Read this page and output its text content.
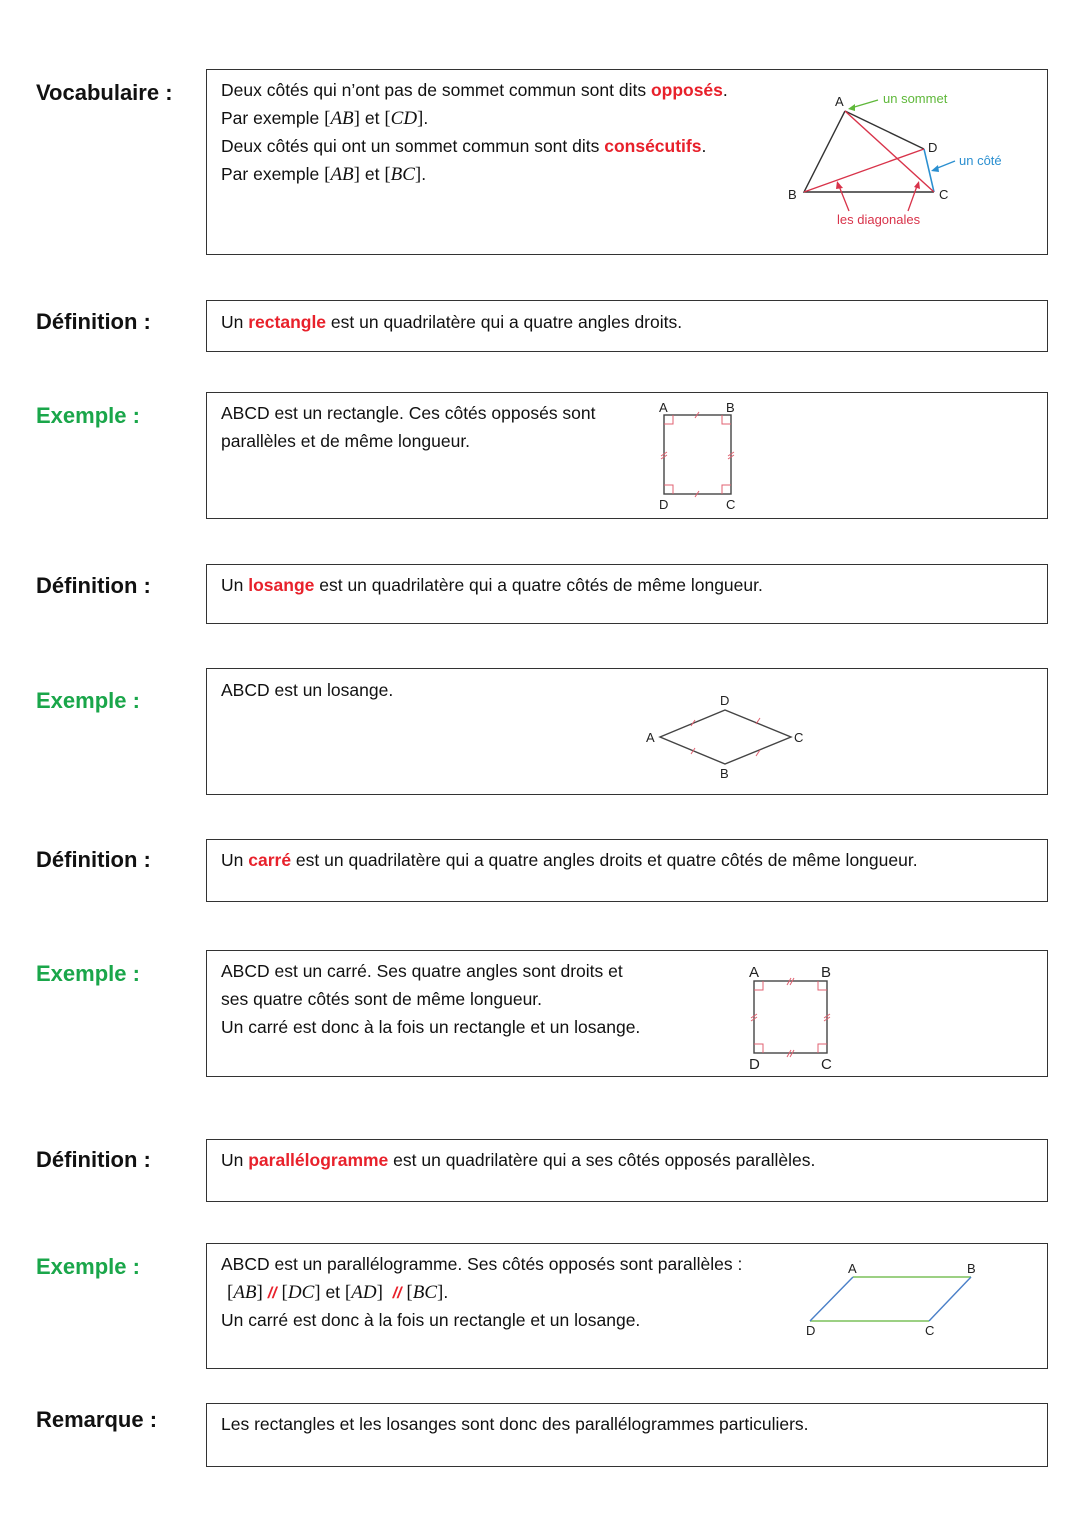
Vocabulaire :	Deux côtés qui n’ont pas de sommet commun sont dits opposés.
Par exemple [AB] et [CD].
Deux côtés qui ont un sommet commun sont dits consécutifs.
Par exemple [AB] et [BC].
A
B	C
D
un sommet
un côté
les diagonales
Définition :	Un rectangle est un quadrilatère qui a quatre angles droits.
Exemple :	ABCD est un rectangle. Ces côtés opposés sont
parallèles et de même longueur.
A	B
C
D
Définition :	Un losange est un quadrilatère qui a quatre côtés de même longueur.
Exemple :	ABCD est un losange.
A
B
C
D
Définition :	Un carré est un quadrilatère qui a quatre angles droits et quatre côtés de même longueur.
Exemple :	ABCD est un carré. Ses quatre angles sont droits et
ses quatre côtés sont de même longueur.
Un carré est donc à la fois un rectangle et un losange.
A	B
C
D
Définition :	Un parallélogramme est un quadrilatère qui a ses côtés opposés parallèles.
Exemple :	ABCD est un parallélogramme. Ses côtés opposés sont parallèles :
[AB] // [DC] et [AD] // [BC].
Un carré est donc à la fois un rectangle et un losange.
A	B
C
D
Remarque :	Les rectangles et les losanges sont donc des parallélogrammes particuliers.
